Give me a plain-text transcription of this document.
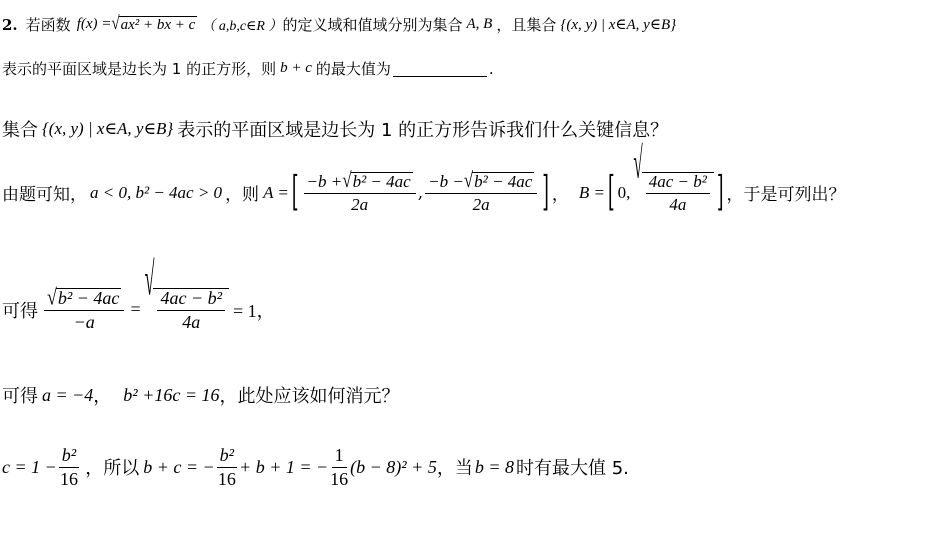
2. 若函数 f(x) = √ ax² + bx + c （ a,b,c∈R ） 的定义域和值域分别为集合 A, B ，且集合 {(x, y) | x∈A, y∈B}
表示的平面区域是边长为 1 的正方形，则 b + c 的最大值为	.
集合 {(x, y) | x∈A, y∈B} 表示的平面区域是边长为 1 的正方形告诉我们什么关键信息？
由题可知， a < 0, b² − 4ac > 0 ，则 A = [ $\frac{\text{−b + √ b² − 4ac}}{2a}$ , $\frac{\text{−b − √ b² − 4ac}}{2a}$ ] ， B = [ 0,
√
$\frac{\text{4ac − b²}}{4a}$ ] ，于是可列出？
可得 $\frac{\text{√ b² − 4ac}}{-a}$ =
√
$\frac{\text{4ac − b²}}{4a} = 1$，
可得 a = −4 ， b² +16c = 16 ，此处应该如何消元？
$c = 1 - \frac{\text{b²}}{16}$ ，所以 b + c = − $\frac{\text{b²}}{16} + b + 1$ = − $\frac{1}{16} (b - 8)^2 + 5$ ，当 b = 8 时有最大值 5.
